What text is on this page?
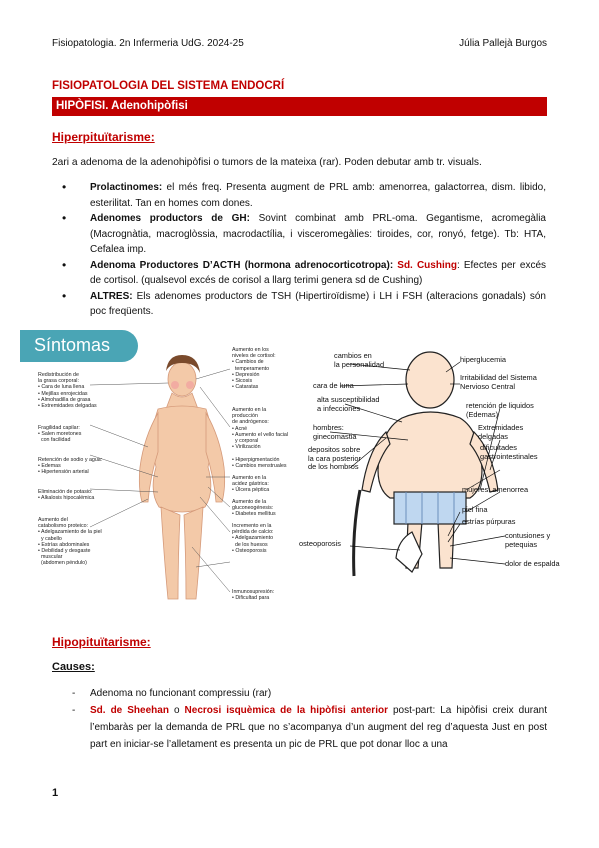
Fisiopatologia. 2n Infermeria UdG. 2024-25	Júlia Pallejà Burgos
FISIOPATOLOGIA DEL SISTEMA ENDOCRÍ
HIPÒFISI. Adenohipòfisi
Hiperpituïtarisme:
2ari a adenoma de la adenohipòfisi o tumors de la mateixa (rar). Poden debutar amb tr. visuals.
• Prolactinomes: el més freq. Presenta augment de PRL amb: amenorrea, galactorrea, dism. libido, esterilitat. Tan en homes com dones.
• Adenomes productors de GH: Sovint combinat amb PRL-oma. Gegantisme, acromegàlia (Macrognàtia, macroglòssia, macrodactília, i visceromegàlies: tiroides, cor, ronyó, fetge). Tb: HTA, Cefalea imp.
• Adenoma Productores D’ACTH (hormona adrenocorticotropa): Sd. Cushing: Efectes per excés de cortisol. (qualsevol excés de corisol a llarg terimi genera sd de Cushing)
• ALTRES: Els adenomes productors de TSH (Hipertiroïdisme) i LH i FSH (alteracions gonadals) són poc freqüents.
Síntomas
Redistribución de
la grasa corporal:
• Cara de luna llena
• Mejillas enrojecidas
• Almohadilla de grasa
• Extremidades delgadas
Fragilidad capilar:
• Salen moretones
con facilidad
Retención de sodio y agua:
• Edemas
• Hipertensión arterial
Eliminación de potasio:
• Alkalosis hipocalémica
Aumento del
catabolismo proteico:
• Adelgazamiento de la piel
y cabello
• Estrías abdominales
• Debilidad y desgaste
muscular
(abdomen péndulo)
Aumento en los
niveles de cortisol:
• Cambios de
temperamento
• Depresión
• Sicosis
• Cataratas
Aumento en la
producción
de andrógenos:
• Acné
• Aumento el vello facial
y corporal
• Virilización
• Hiperpigmentación
• Cambios menstruales
Aumento en la
acidez gástrica:
• Úlcera péptica
Aumento de la
gluconeogénesis:
• Diabetes mellitus
Incremento en la
pérdida de calcio:
• Adelgazamiento
de los huesos
• Osteoporosis
Inmunosupresión:
• Dificultad para
cambios en
la personalidad
cara de luna
alta susceptibilidad
a infecciones
hombres:
ginecomastia
depositos sobre
la cara posterior
de los hombros
osteoporosis
hiperglucemia
Irritabilidad del Sistema
Nervioso Central
retención de liquidos
(Edemas)
Extremidades
delgadas
dificultades
gastrointestinales
mujeres: amenorrea
piel fina
estrías púrpuras
contusiones y
petequias
dolor de espalda
Hipopituïtarisme:
Causes:
- Adenoma no funcionant compressiu (rar)
- Sd. de Sheehan o Necrosi isquèmica de la hipòfisi anterior post-part: La hipòfisi creix durant l’embaràs per la demanda de PRL que no s’acompanya d’un augment del reg d’aquesta Just en post part en iniciar-se l’alletament es presenta un pic de PRL que pot donar lloc a una
1
